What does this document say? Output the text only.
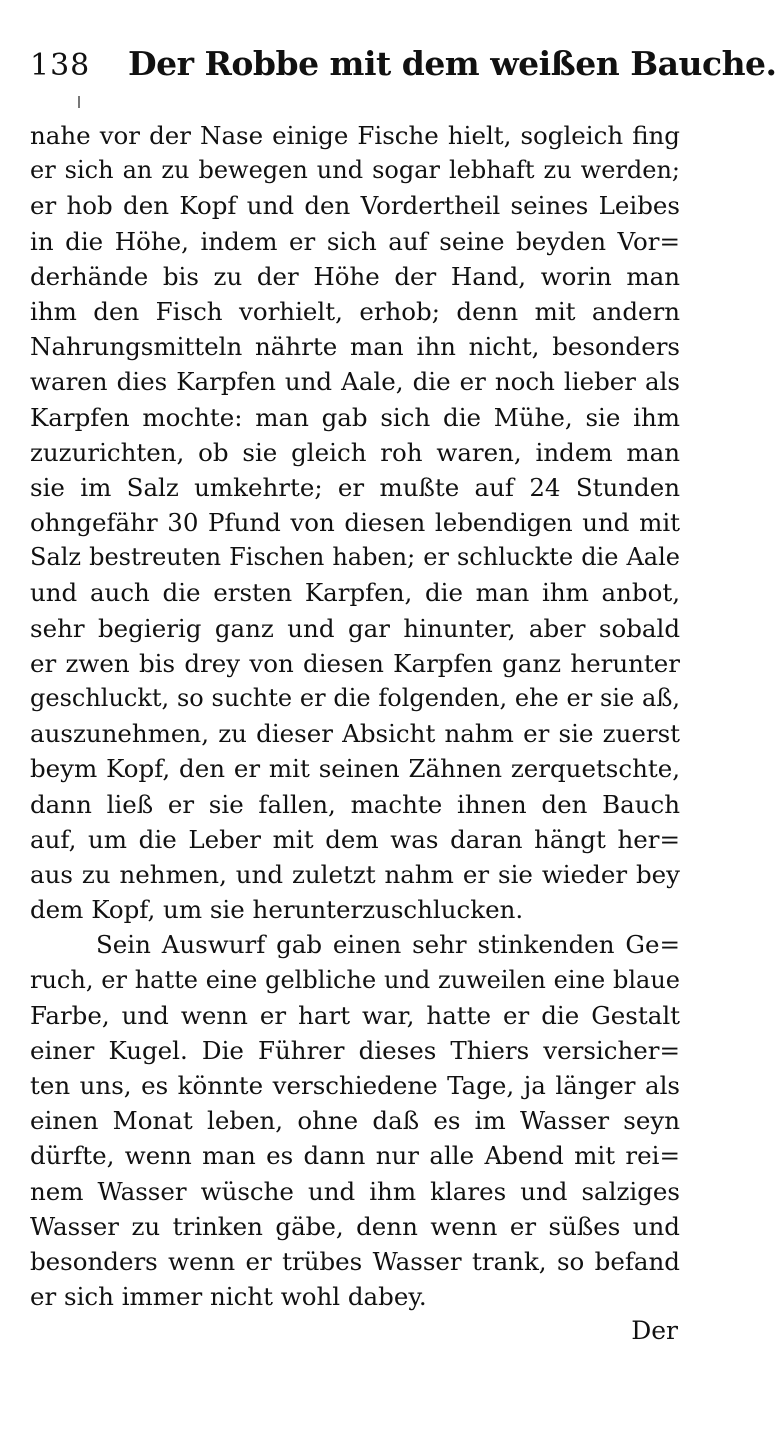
138 Der Robbe mit dem weißen Bauche.
nahe vor der Nase einige Fische hielt, sogleich fing
er sich an zu bewegen und sogar lebhaft zu werden;
er hob den Kopf und den Vordertheil seines Leibes
in die Höhe, indem er sich auf seine beyden Vor=
derhände bis zu der Höhe der Hand, worin man
ihm den Fisch vorhielt, erhob; denn mit andern
Nahrungsmitteln nährte man ihn nicht, besonders
waren dies Karpfen und Aale, die er noch lieber als
Karpfen mochte: man gab sich die Mühe, sie ihm
zuzurichten, ob sie gleich roh waren, indem man
sie im Salz umkehrte; er mußte auf 24 Stunden
ohngefähr 30 Pfund von diesen lebendigen und mit
Salz bestreuten Fischen haben; er schluckte die Aale
und auch die ersten Karpfen, die man ihm anbot,
sehr begierig ganz und gar hinunter, aber sobald
er zwen bis drey von diesen Karpfen ganz herunter
geschluckt, so suchte er die folgenden, ehe er sie aß,
auszunehmen, zu dieser Absicht nahm er sie zuerst
beym Kopf, den er mit seinen Zähnen zerquetschte,
dann ließ er sie fallen, machte ihnen den Bauch
auf, um die Leber mit dem was daran hängt her=
aus zu nehmen, und zuletzt nahm er sie wieder bey
dem Kopf, um sie herunterzuschlucken.
Sein Auswurf gab einen sehr stinkenden Ge=
ruch, er hatte eine gelbliche und zuweilen eine blaue
Farbe, und wenn er hart war, hatte er die Gestalt
einer Kugel. Die Führer dieses Thiers versicher=
ten uns, es könnte verschiedene Tage, ja länger als
einen Monat leben, ohne daß es im Wasser seyn
dürfte, wenn man es dann nur alle Abend mit rei=
nem Wasser wüsche und ihm klares und salziges
Wasser zu trinken gäbe, denn wenn er süßes und
besonders wenn er trübes Wasser trank, so befand
er sich immer nicht wohl dabey.
Der
